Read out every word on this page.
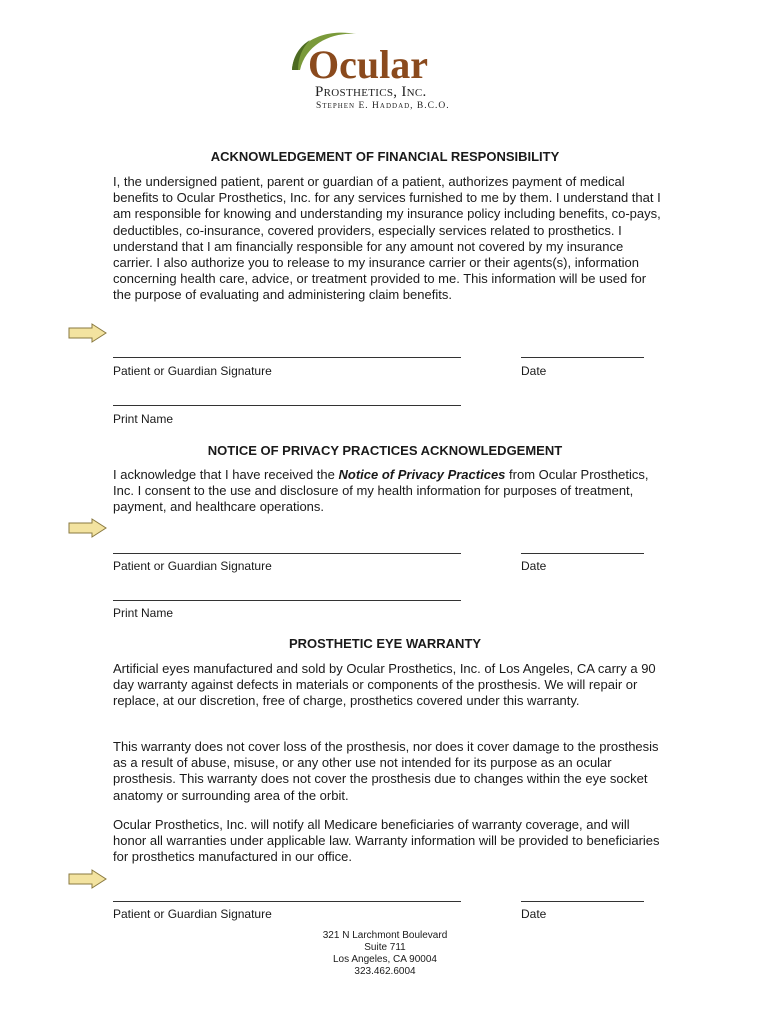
Ocular
Prosthetics, Inc.
Stephen E. Haddad, B.C.O.
ACKNOWLEDGEMENT OF FINANCIAL RESPONSIBILITY

I, the undersigned patient, parent or guardian of a patient, authorizes payment of medical benefits to Ocular Prosthetics, Inc. for any services furnished to me by them. I understand that I am responsible for knowing and understanding my insurance policy including benefits, co-pays, deductibles, co-insurance, covered providers, especially services related to prosthetics. I understand that I am financially responsible for any amount not covered by my insurance carrier. I also authorize you to release to my insurance carrier or their agents(s), information concerning health care, advice, or treatment provided to me. This information will be used for the purpose of evaluating and administering claim benefits.

Patient or Guardian Signature	Date
Print Name
NOTICE OF PRIVACY PRACTICES ACKNOWLEDGEMENT

I acknowledge that I have received the Notice of Privacy Practices from Ocular Prosthetics, Inc. I consent to the use and disclosure of my health information for purposes of treatment, payment, and healthcare operations.

Patient or Guardian Signature	Date
Print Name
PROSTHETIC EYE WARRANTY

Artificial eyes manufactured and sold by Ocular Prosthetics, Inc. of Los Angeles, CA carry a 90 day warranty against defects in materials or components of the prosthesis. We will repair or replace, at our discretion, free of charge, prosthetics covered under this warranty.

This warranty does not cover loss of the prosthesis, nor does it cover damage to the prosthesis as a result of abuse, misuse, or any other use not intended for its purpose as an ocular prosthesis. This warranty does not cover the prosthesis due to changes within the eye socket anatomy or surrounding area of the orbit.

Ocular Prosthetics, Inc. will notify all Medicare beneficiaries of warranty coverage, and will honor all warranties under applicable law. Warranty information will be provided to beneficiaries for prosthetics manufactured in our office.

Patient or Guardian Signature	Date
321 N Larchmont Boulevard
Suite 711
Los Angeles, CA 90004
323.462.6004
